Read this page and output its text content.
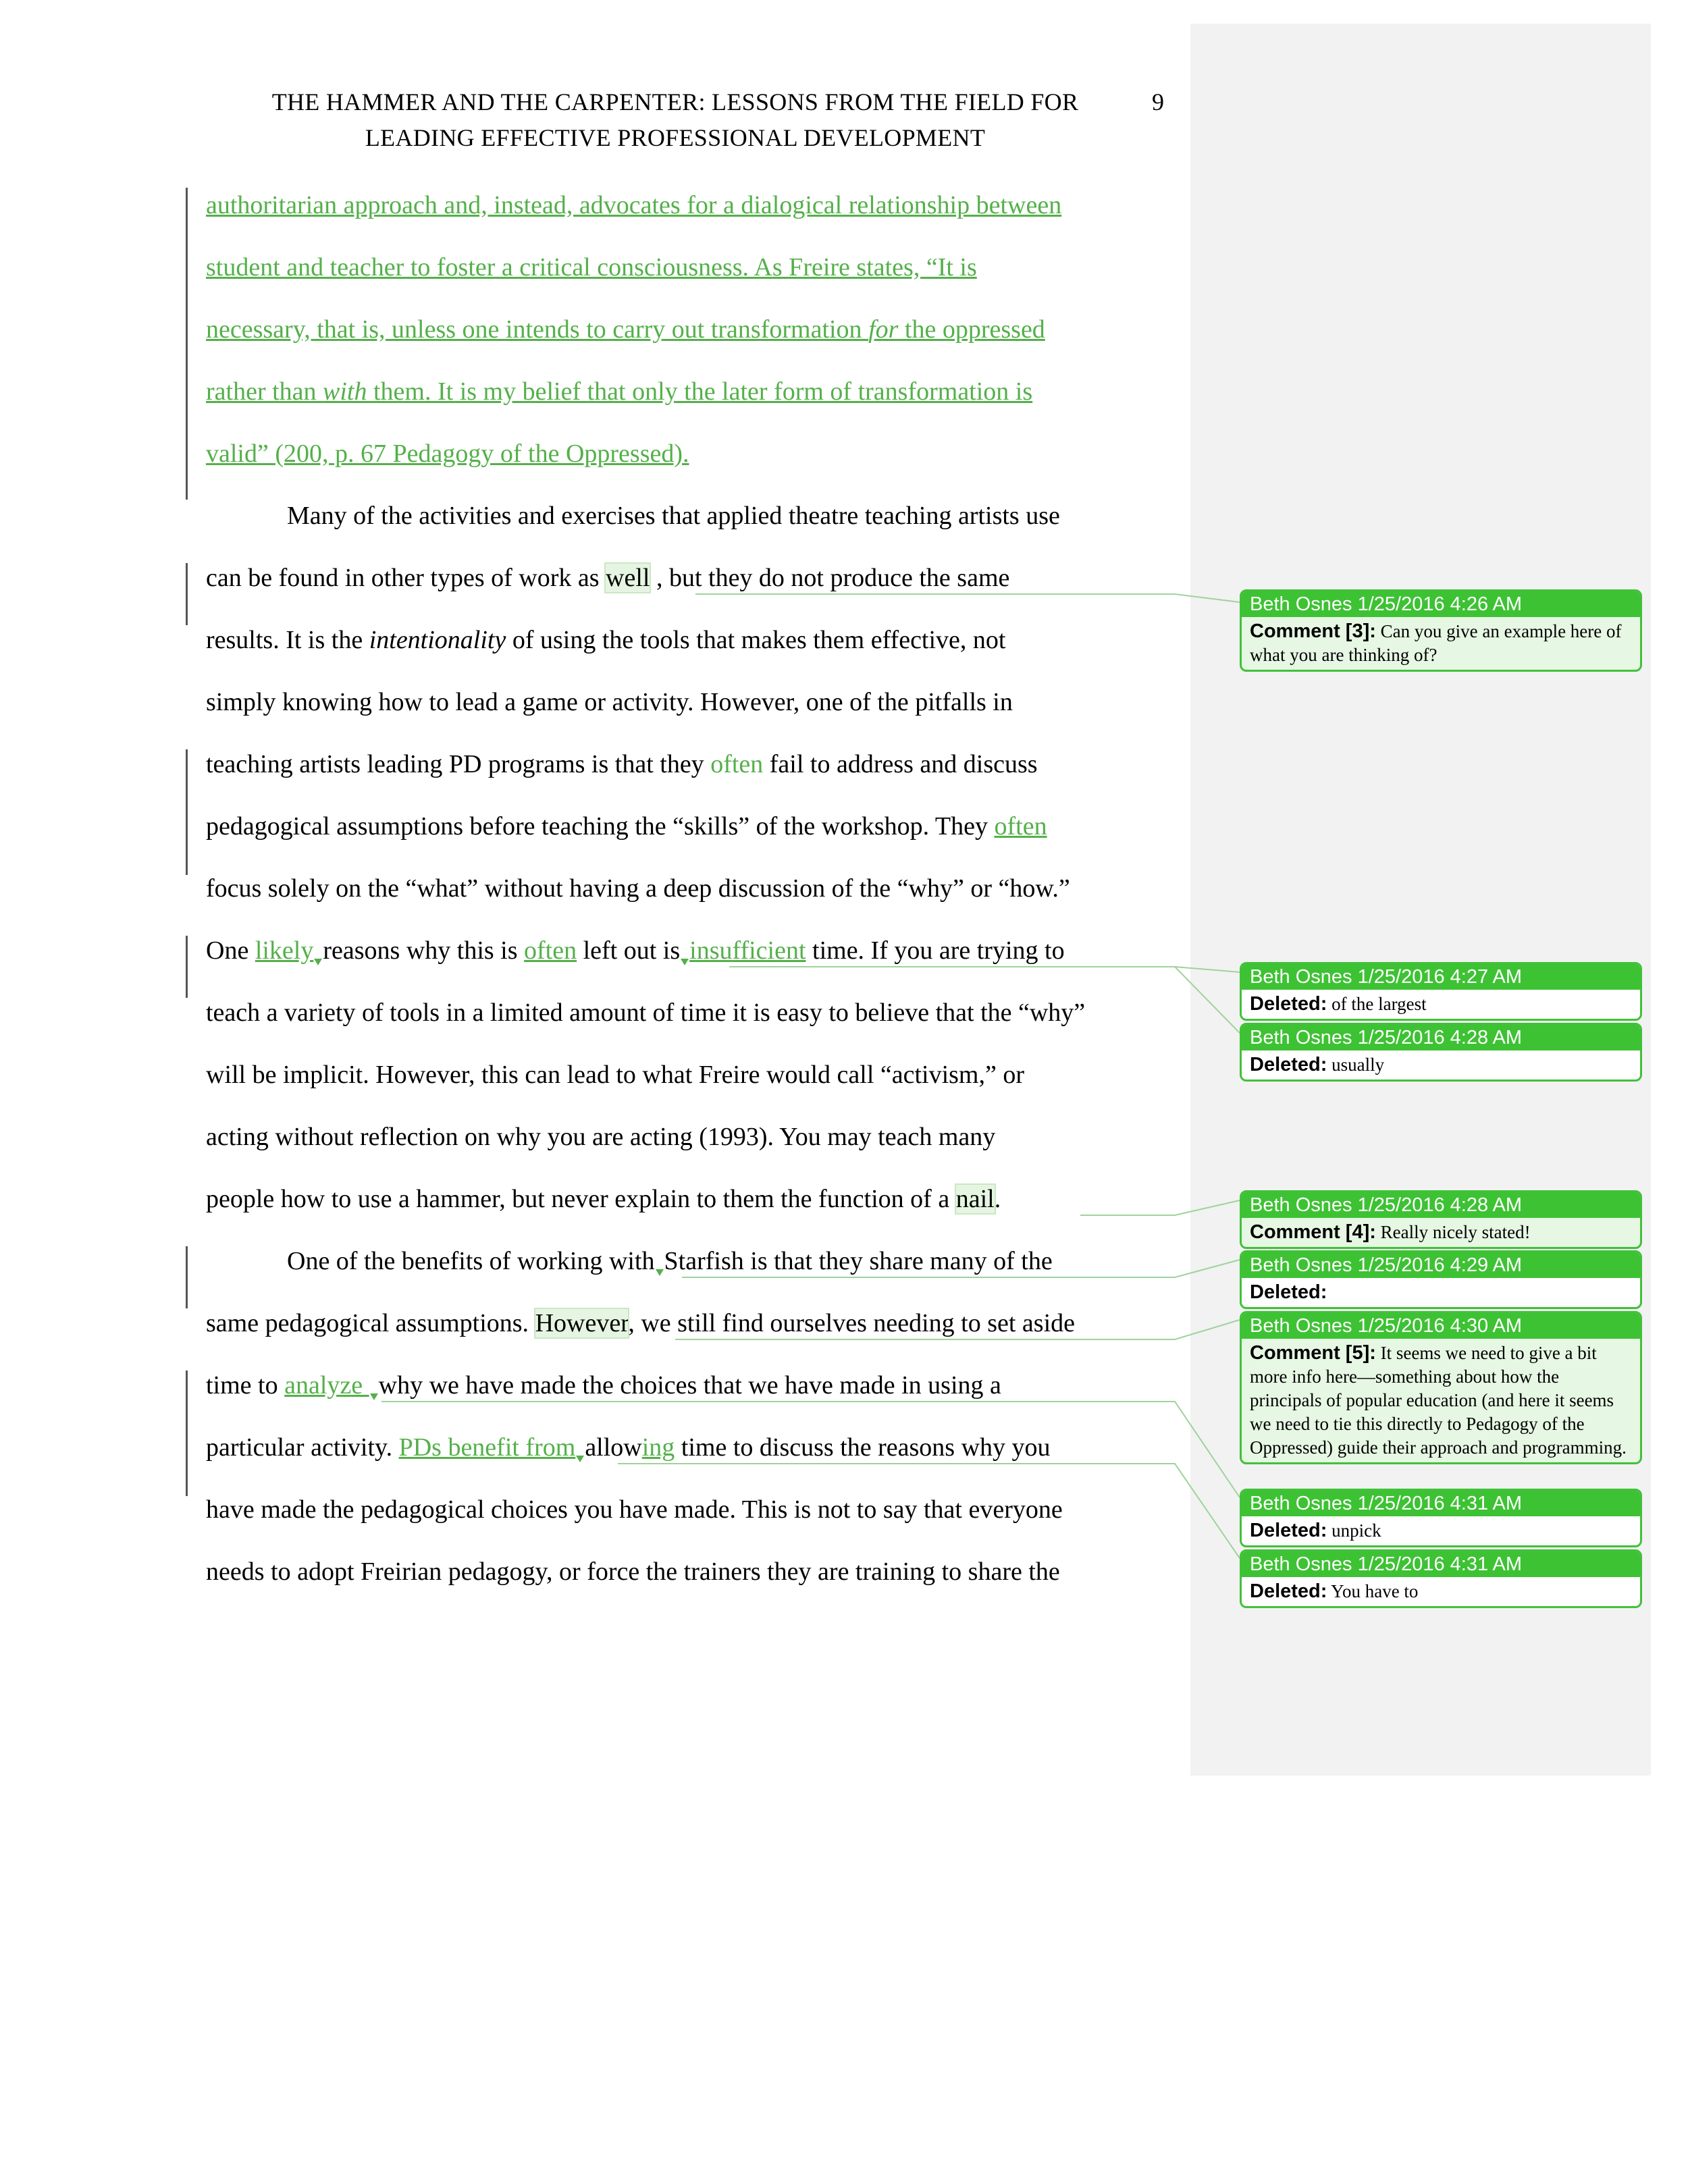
THE HAMMER AND THE CARPENTER: LESSONS FROM THE FIELD FOR
LEADING EFFECTIVE PROFESSIONAL DEVELOPMENT
9
authoritarian approach and, instead, advocates for a dialogical relationship between
student and teacher to foster a critical consciousness. As Freire states, “It is
necessary, that is, unless one intends to carry out transformation for the oppressed
rather than with them. It is my belief that only the later form of transformation is
valid” (200, p. 67 Pedagogy of the Oppressed).
Many of the activities and exercises that applied theatre teaching artists use
can be found in other types of work as well , but they do not produce the same
results. It is the intentionality of using the tools that makes them effective, not
simply knowing how to lead a game or activity. However, one of the pitfalls in
teaching artists leading PD programs is that they often fail to address and discuss
pedagogical assumptions before teaching the “skills” of the workshop. They often
focus solely on the “what” without having a deep discussion of the “why” or “how.”
One likely reasons why this is often left out is insufficient time. If you are trying to
teach a variety of tools in a limited amount of time it is easy to believe that the “why”
will be implicit. However, this can lead to what Freire would call “activism,” or
acting without reflection on why you are acting (1993). You may teach many
people how to use a hammer, but never explain to them the function of a nail.
One of the benefits of working with Starfish is that they share many of the
same pedagogical assumptions. However, we still find ourselves needing to set aside
time to analyze why we have made the choices that we have made in using a
particular activity. PDs benefit from allowing time to discuss the reasons why you
have made the pedagogical choices you have made. This is not to say that everyone
needs to adopt Freirian pedagogy, or force the trainers they are training to share the
Beth Osnes 1/25/2016 4:26 AM
Comment [3]: Can you give an example here of what you are thinking of?
Beth Osnes 1/25/2016 4:27 AM
Deleted: of the largest
Beth Osnes 1/25/2016 4:28 AM
Deleted: usually
Beth Osnes 1/25/2016 4:28 AM
Comment [4]: Really nicely stated!
Beth Osnes 1/25/2016 4:29 AM
Deleted:
Beth Osnes 1/25/2016 4:30 AM
Comment [5]: It seems we need to give a bit more info here—something about how the principals of popular education (and here it seems we need to tie this directly to Pedagogy of the Oppressed) guide their approach and programming.
Beth Osnes 1/25/2016 4:31 AM
Deleted: unpick
Beth Osnes 1/25/2016 4:31 AM
Deleted: You have to
